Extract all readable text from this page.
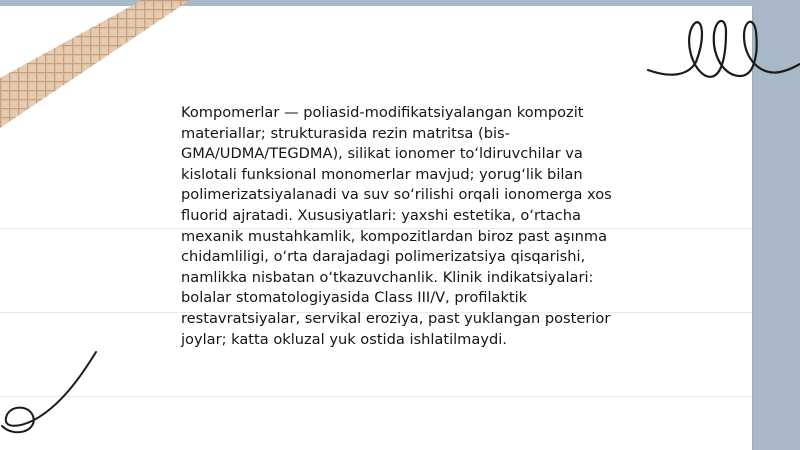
Kompomerlar — poliasid-modifikatsiyalangan kompozit materiallar; strukturasida rezin matritsa (bis-GMA/UDMA/TEGDMA), silikat ionomer to‘ldiruvchilar va kislotali funksional monomerlar mavjud; yorug‘lik bilan polimerizatsiyalanadi va suv so‘rilishi orqali ionomerga xos fluorid ajratadi. Xususiyatlari: yaxshi estetika, o‘rtacha mexanik mustahkamlik, kompozitlardan biroz past aşınma chidamliligi, o‘rta darajadagi polimerizatsiya qisqarishi, namlikka nisbatan o‘tkazuvchanlik. Klinik indikatsiyalari: bolalar stomatologiyasida Class III/V, profilaktik restavratsiyalar, servikal eroziya, past yuklangan posterior joylar; katta okluzal yuk ostida ishlatilmaydi.
